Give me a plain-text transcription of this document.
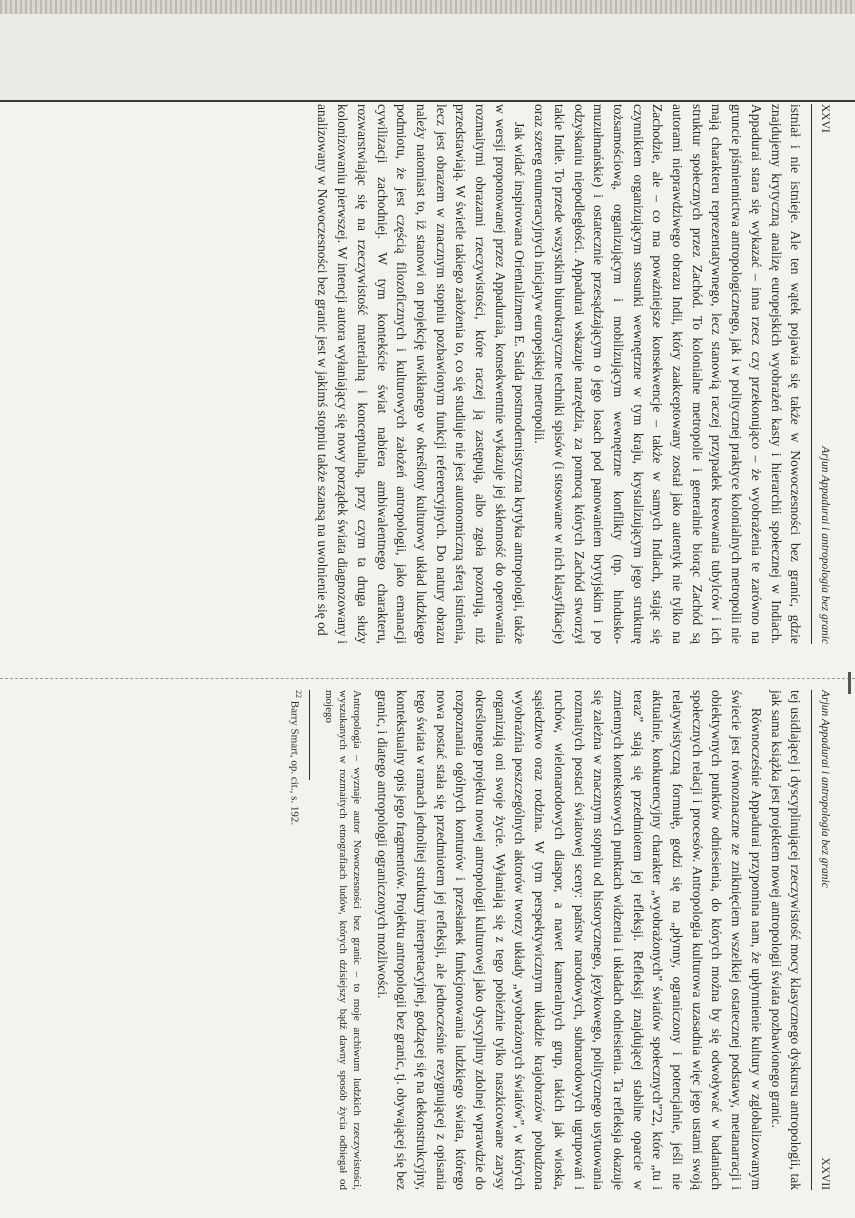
XXVI
Arjun Appadurai i antropologia bez granic

istniał i nie istnieje. Ale ten wątek pojawia się także w Nowoczesności bez granic, gdzie znajdujemy krytyczną analizę europejskich wyobrażeń kasty i hierarchii społecznej w Indiach. Appadurai stara się wykazać – inna rzecz czy przekonująco – że wyobrażenia te zarówno na gruncie piśmiennictwa antropologicznego, jak i w politycznej praktyce kolonialnych metropolii nie mają charakteru reprezentatywnego, lecz stanowią raczej przypadek kreowania tubylców i ich struktur społecznych przez Zachód. To kolonialne metropolie i generalnie biorąc Zachód są autorami nieprawdziwego obrazu Indii, który zaakceptowany został jako autentyk nie tylko na Zachodzie, ale – co ma poważniejsze konsekwencje – także w samych Indiach, stając się czynnikiem organizującym stosunki wewnętrzne w tym kraju, krystalizującym jego strukturę tożsamościową, organizującym i mobilizującym wewnętrzne konflikty (np. hindusko-muzułmańskie) i ostatecznie przesądzającym o jego losach pod panowaniem brytyjskim i po odzyskaniu niepodległości. Appadurai wskazuje narzędzia, za pomocą których Zachód stworzył takie Indie. To przede wszystkim biurokratyczne techniki spisów (i stosowane w nich klasyfikacje) oraz szereg enumeracyjnych inicjatyw europejskiej metropolii.

Jak widać inspirowana Orientalizmem E. Saida postmodernistyczna krytyka antropologii, także w wersji proponowanej przez Appaduraia, konsekwentnie wykazuje jej skłonność do operowania rozmaitymi obrazami rzeczywistości, które raczej ją zastępują, albo zgoła pozorują, niż przedstawiają. W świetle takiego założenia to, co się studiuje nie jest autonomiczną sferą istnienia, lecz jest obrazem w znacznym stopniu pozbawionym funkcji referencyjnych. Do natury obrazu należy natomiast to, iż stanowi on projekcję uwikłanego w określony kulturowy układ ludzkiego podmiotu, że jest częścią filozoficznych i kulturowych założeń antropologii, jako emanacji cywilizacji zachodniej. W tym kontekście świat nabiera ambiwalentnego charakteru, rozwarstwiając się na rzeczywistość materialną i konceptualną, przy czym ta druga służy kolonizowaniu pierwszej. W intencji autora wyłaniający się nowy porządek świata diagnozowany i analizowany w Nowoczesności bez granic jest w jakimś stopniu także szansą na uwolnienie się od

Arjun Appadurai i antropologia bez granic
XXVII

tej usidlającej i dyscyplinującej rzeczywistość mocy klasycznego dyskursu antropologii, tak jak sama książka jest projektem nowej antropologii świata pozbawionego granic.

Równocześnie Appadurai przypomina nam, że upłynnienie kultury w zglobalizowanym świecie jest równoznaczne ze zniknięciem wszelkiej ostatecznej podstawy, metanarracji i obiektywnych punktów odniesienia, do których można by się odwoływać w badaniach społecznych relacji i procesów. Antropologia kulturowa uzasadnia więc jego ustami swoją relatywistyczną formułę, godzi się na „płynny, ograniczony i potencjalnie, jeśli nie aktualnie, konkurencyjny charakter „wyobrażonych” światów społecznych”22, które „tu i teraz” stają się przedmiotem jej refleksji. Refleksji znajdującej stabilne oparcie w zmiennych kontekstowych punktach widzenia i układach odniesienia. Ta refleksja okazuje się zależna w znacznym stopniu od historycznego, językowego, politycznego usytuowania rozmaitych postaci światowej sceny: państw narodowych, subnarodowych ugrupowań i ruchów, wielonarodowych diaspor, a nawet kameralnych grup, takich jak wioska, sąsiedztwo oraz rodzina. W tym perspektywicznym układzie krajobrazów pobudzona wyobraźnia poszczególnych aktorów tworzy układy „wyobrażonych światów”, w których organizują oni swoje życie. Wyłaniają się z tego pobieżnie tylko naszkicowane zarysy określonego projektu nowej antropologii kulturowej jako dyscypliny zdolnej wprawdzie do rozpoznania ogólnych konturów i przesłanek funkcjonowania ludzkiego świata, którego nowa postać stała się przedmiotem jej refleksji, ale jednocześnie rezygnującej z opisania tego świata w ramach jednolitej struktury interpretacyjnej, godzącej się na dekonstrukcyjny, kontekstualny opis jego fragmentów. Projektu antropologii bez granic, tj. obywającej się bez granic, i diatego antropologii ograniczonych możliwości.

Antropologia – wyznaje autor Nowoczesności bez granic – to moje archiwum ludzkich rzeczywistości, wyszukanych w rozmaitych etnografiach ludów, których dzisiejszy bądź dawny sposób życia odbiegał od mojego

$^{22}$ Barry Smart, op. cit., s. 192.
